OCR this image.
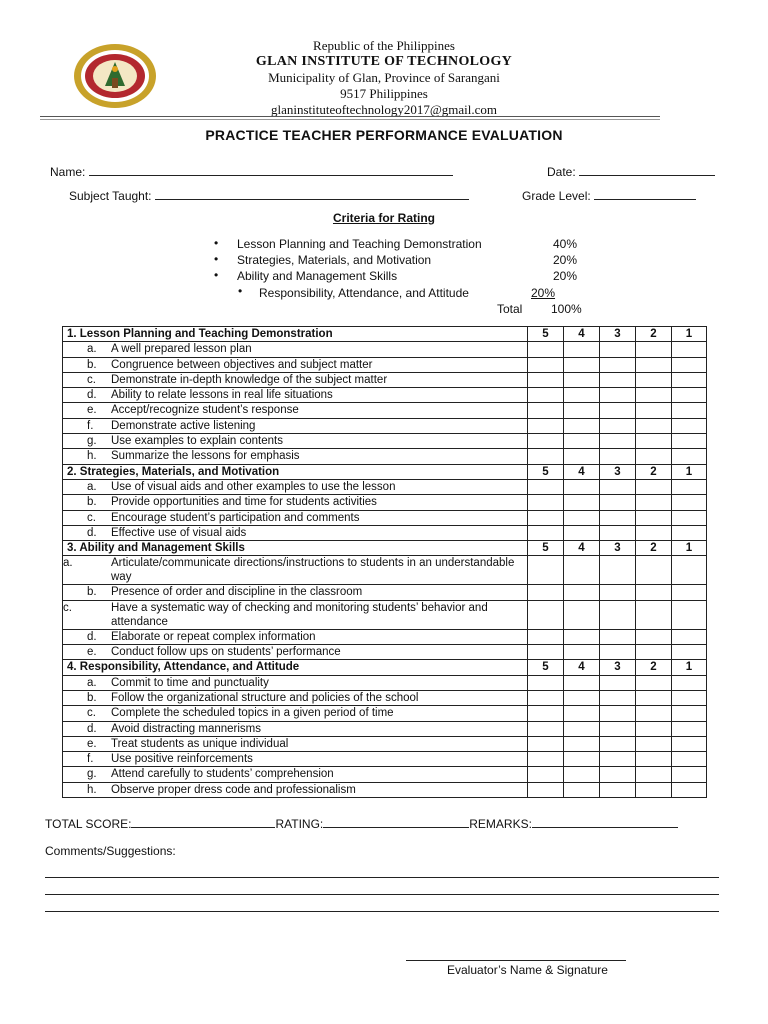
Republic of the Philippines
GLAN INSTITUTE OF TECHNOLOGY
Municipality of Glan, Province of Sarangani
9517 Philippines
glaninstituteoftechnology2017@gmail.com
PRACTICE TEACHER PERFORMANCE EVALUATION
Name:	Date:
Subject Taught:	Grade Level:
Criteria for Rating
• Lesson Planning and Teaching Demonstration	40%
• Strategies, Materials, and Motivation	20%
• Ability and Management Skills	20%
• Responsibility, Attendance, and Attitude	20%
Total 100%
1. Lesson Planning and Teaching Demonstration	5	4	3	2	1
a. A well prepared lesson plan					
b. Congruence between objectives and subject matter					
c. Demonstrate in-depth knowledge of the subject matter					
d. Ability to relate lessons in real life situations					
e. Accept/recognize student’s response					
f. Demonstrate active listening					
g. Use examples to explain contents					
h. Summarize the lessons for emphasis					
2. Strategies, Materials, and Motivation	5	4	3	2	1
a. Use of visual aids and other examples to use the lesson					
b. Provide opportunities and time for students activities					
c. Encourage student’s participation and comments					
d. Effective use of visual aids					
3. Ability and Management Skills	5	4	3	2	1
a. Articulate/communicate directions/instructions to students in an understandable way					
b. Presence of order and discipline in the classroom					
c. Have a systematic way of checking and monitoring students’ behavior and attendance					
d. Elaborate or repeat complex information					
e. Conduct follow ups on students’ performance					
4. Responsibility, Attendance, and Attitude	5	4	3	2	1
a. Commit to time and punctuality					
b. Follow the organizational structure and policies of the school					
c. Complete the scheduled topics in a given period of time					
d. Avoid distracting mannerisms					
e. Treat students as unique individual					
f. Use positive reinforcements					
g. Attend carefully to students’ comprehension					
h. Observe proper dress code and professionalism					
TOTAL SCORE:	RATING:	REMARKS:
Comments/Suggestions:
Evaluator’s Name & Signature
